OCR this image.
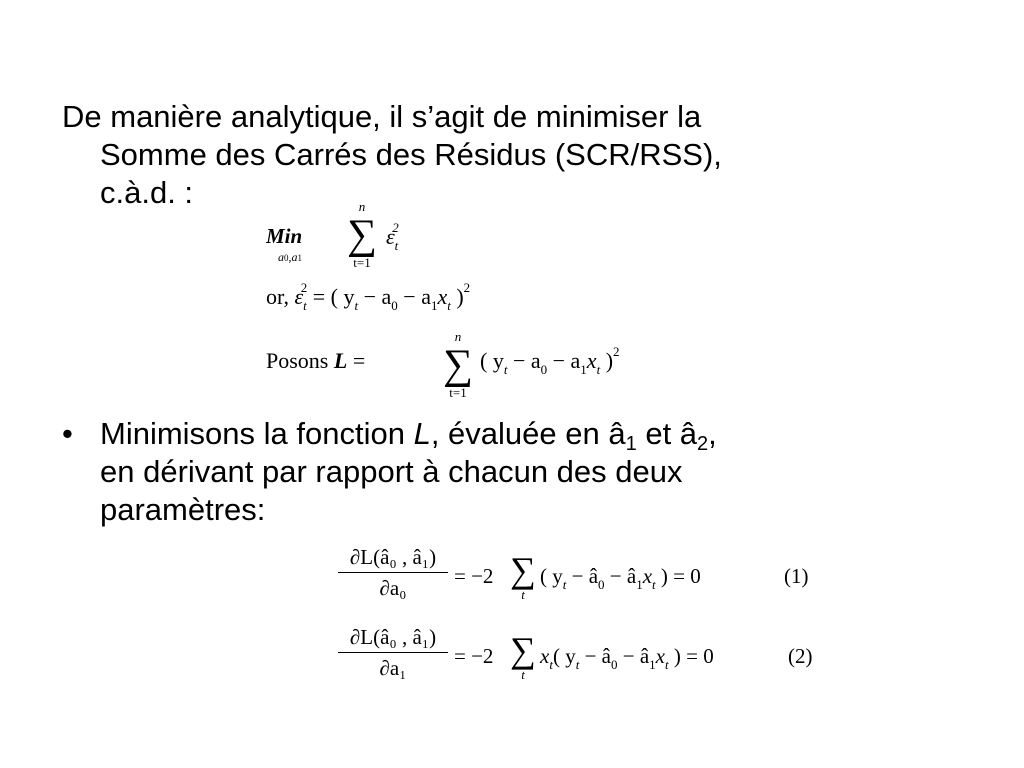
De manière analytique, il s’agit de minimiser la
Somme des Carrés des Résidus (SCR/RSS),
c.à.d. :

Min
a0,a1
n
∑
t=1
$\varepsilon_t^2$
or, $\varepsilon_t^2$ = ( $y_t - a_0 - a_1x_t$ )$^2$
Posons L =
n
∑
t=1
( $y_t - a_0 - a_1x_t$ )$^2$
• Minimisons la fonction L, évaluée en â1 et â2,
en dérivant par rapport à chacun des deux
paramètres:
∂L(â₀ , â₁)
∂a₀	= −2 ∑
t
( $y_t$ − $â_0$ − $â_1x_t$ ) = 0	(1)
∂L(â₀ , â₁)
∂a₁	= −2 ∑
t
$x_t$( $y_t$ − $â_0$ − $â_1x_t$ ) = 0	(2)
